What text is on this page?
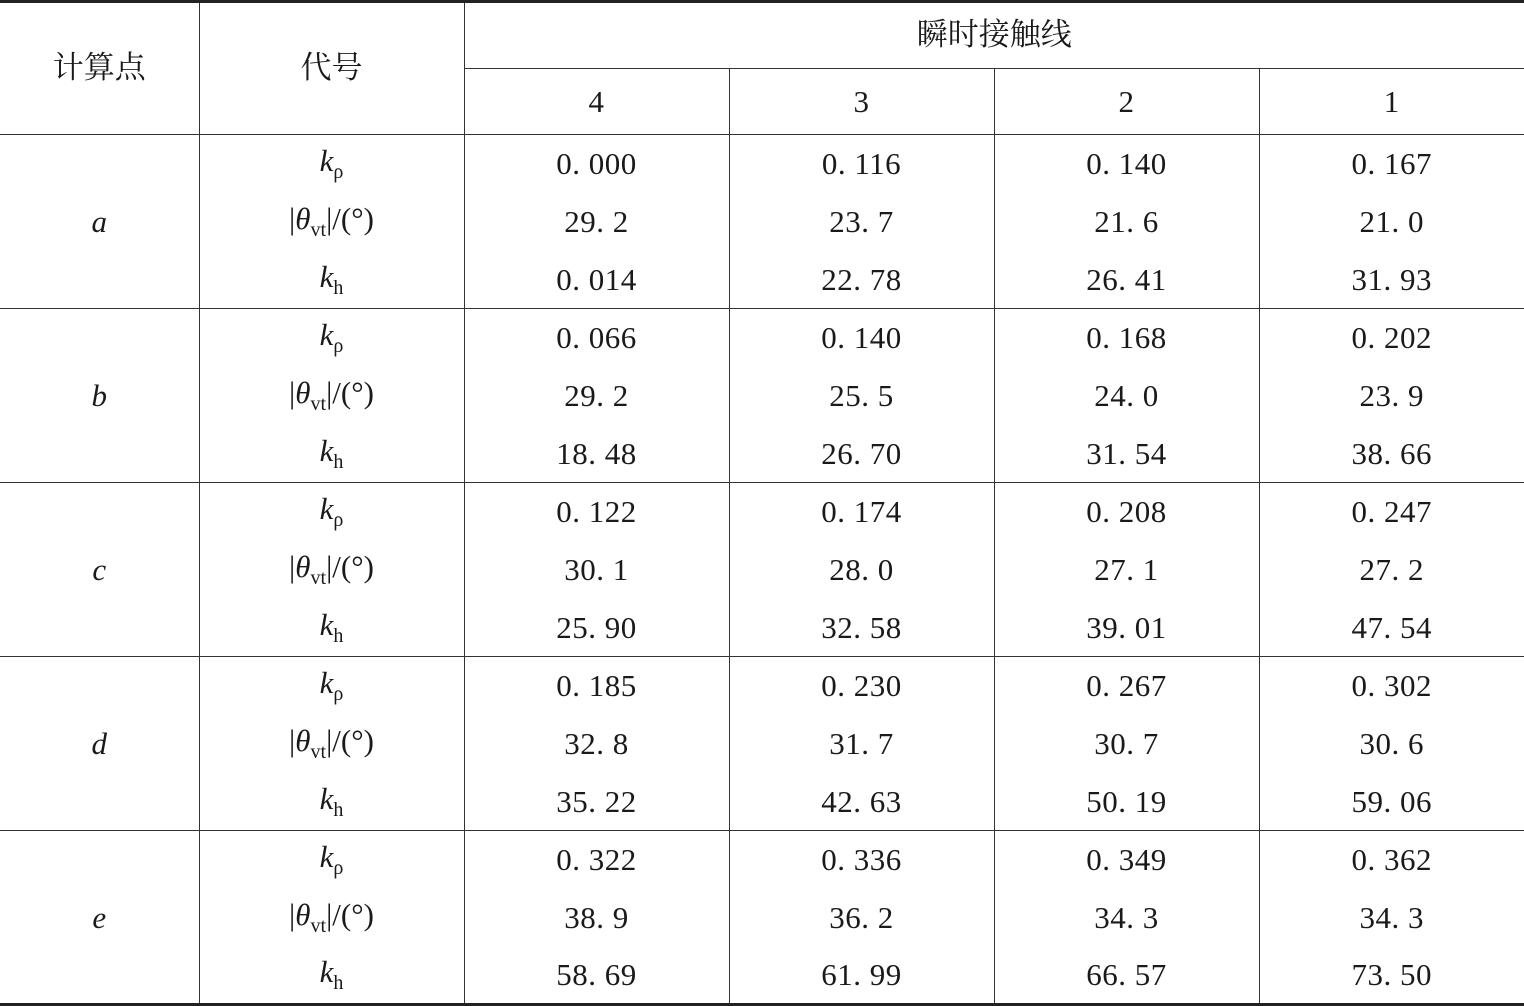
计算点	代号	瞬时接触线			
		4	3	2	1
a	$k_\rho$	0. 000	0. 116	0. 140	0. 167
	$|\theta_{vt}|/(^\circ)$	29. 2	23. 7	21. 6	21. 0
	$k_h$	0. 014	22. 78	26. 41	31. 93
b	$k_\rho$	0. 066	0. 140	0. 168	0. 202
	$|\theta_{vt}|/(^\circ)$	29. 2	25. 5	24. 0	23. 9
	$k_h$	18. 48	26. 70	31. 54	38. 66
c	$k_\rho$	0. 122	0. 174	0. 208	0. 247
	$|\theta_{vt}|/(^\circ)$	30. 1	28. 0	27. 1	27. 2
	$k_h$	25. 90	32. 58	39. 01	47. 54
d	$k_\rho$	0. 185	0. 230	0. 267	0. 302
	$|\theta_{vt}|/(^\circ)$	32. 8	31. 7	30. 7	30. 6
	$k_h$	35. 22	42. 63	50. 19	59. 06
e	$k_\rho$	0. 322	0. 336	0. 349	0. 362
	$|\theta_{vt}|/(^\circ)$	38. 9	36. 2	34. 3	34. 3
	$k_h$	58. 69	61. 99	66. 57	73. 50
